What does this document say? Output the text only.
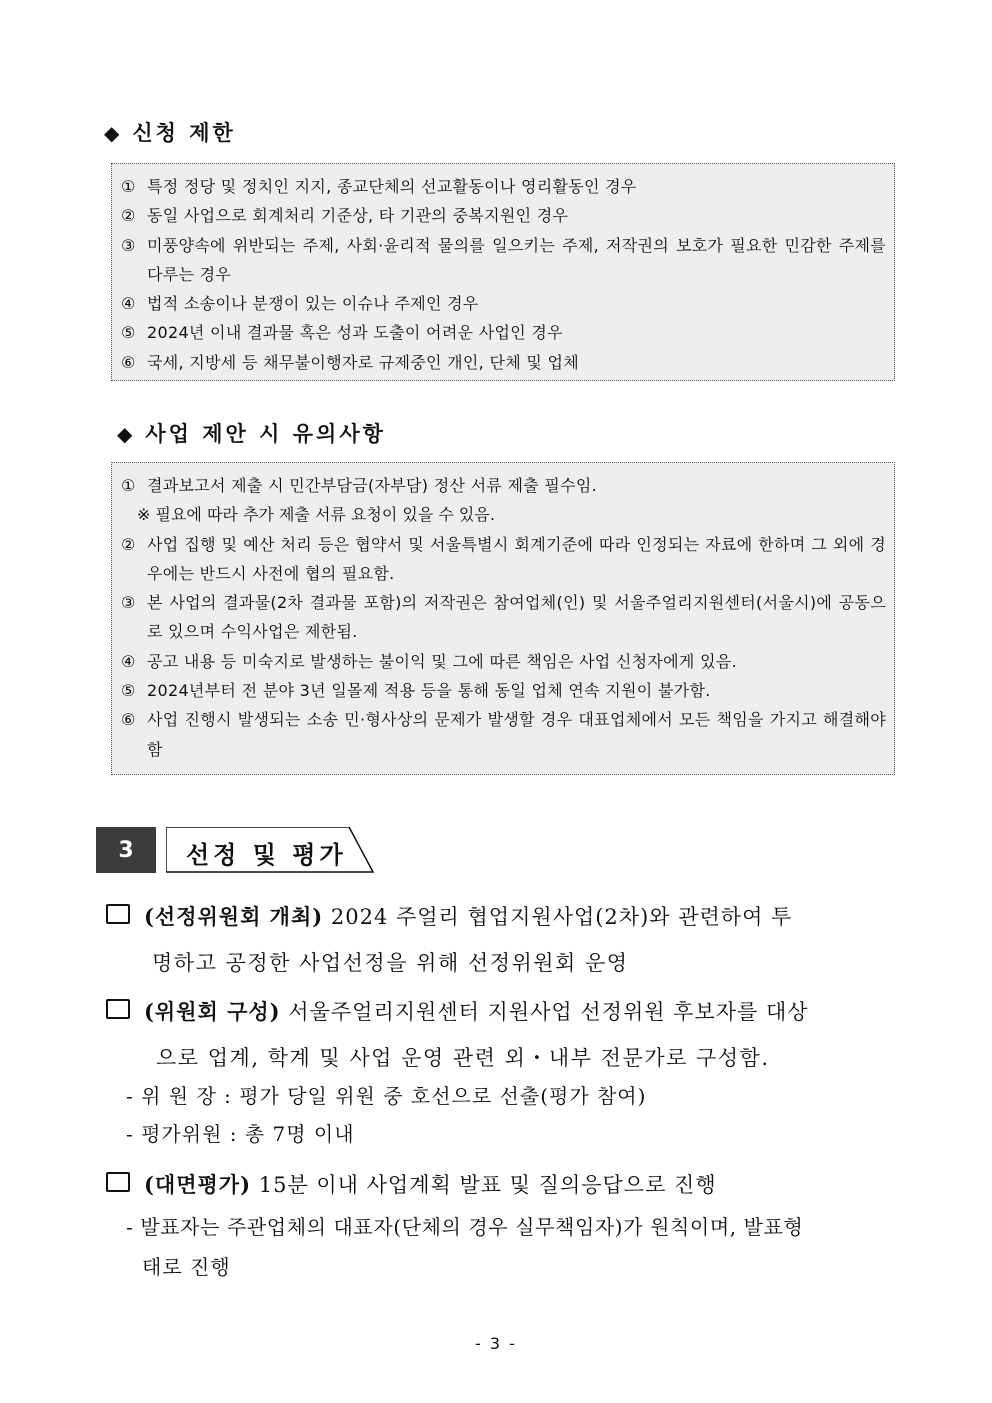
◆ 신청 제한
① 특정 정당 및 정치인 지지, 종교단체의 선교활동이나 영리활동인 경우
② 동일 사업으로 회계처리 기준상, 타 기관의 중복지원인 경우
③ 미풍양속에 위반되는 주제, 사회·윤리적 물의를 일으키는 주제, 저작권의 보호가 필요한 민감한 주제를 다루는 경우
④ 법적 소송이나 분쟁이 있는 이슈나 주제인 경우
⑤ 2024년 이내 결과물 혹은 성과 도출이 어려운 사업인 경우
⑥ 국세, 지방세 등 채무불이행자로 규제중인 개인, 단체 및 업체
◆ 사업 제안 시 유의사항
① 결과보고서 제출 시 민간부담금(자부담) 정산 서류 제출 필수임.
※ 필요에 따라 추가 제출 서류 요청이 있을 수 있음.
② 사업 집행 및 예산 처리 등은 협약서 및 서울특별시 회계기준에 따라 인정되는 자료에 한하며 그 외에 경우에는 반드시 사전에 협의 필요함.
③ 본 사업의 결과물(2차 결과물 포함)의 저작권은 참여업체(인) 및 서울주얼리지원센터(서울시)에 공동으로 있으며 수익사업은 제한됨.
④ 공고 내용 등 미숙지로 발생하는 불이익 및 그에 따른 책임은 사업 신청자에게 있음.
⑤ 2024년부터 전 분야 3년 일몰제 적용 등을 통해 동일 업체 연속 지원이 불가함.
⑥ 사업 진행시 발생되는 소송 민·형사상의 문제가 발생할 경우 대표업체에서 모든 책임을 가지고 해결해야 함
3	선정 및 평가
(선정위원회 개최) 2024 주얼리 협업지원사업(2차)와 관련하여 투
명하고 공정한 사업선정을 위해 선정위원회 운영
(위원회 구성) 서울주얼리지원센터 지원사업 선정위원 후보자를 대상
으로 업계, 학계 및 사업 운영 관련 외・내부 전문가로 구성함.
- 위 원 장 : 평가 당일 위원 중 호선으로 선출(평가 참여)
- 평가위원 : 총 7명 이내
(대면평가) 15분 이내 사업계획 발표 및 질의응답으로 진행
- 발표자는 주관업체의 대표자(단체의 경우 실무책임자)가 원칙이며, 발표형
태로 진행
- 3 -
